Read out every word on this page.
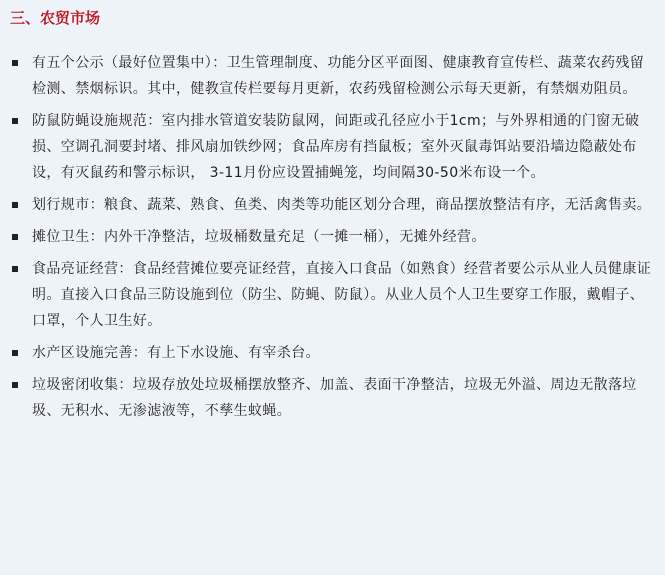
三、农贸市场
有五个公示（最好位置集中）：卫生管理制度、功能分区平面图、健康教育宣传栏、蔬菜农药残留检测、禁烟标识。其中，健教宣传栏要每月更新，农药残留检测公示每天更新，有禁烟劝阻员。
防鼠防蝇设施规范：室内排水管道安装防鼠网，间距或孔径应小于1cm；与外界相通的门窗无破损、空调孔洞要封堵、排风扇加铁纱网；食品库房有挡鼠板；室外灭鼠毒饵站要沿墙边隐蔽处布设，有灭鼠药和警示标识， 3-11月份应设置捕蝇笼，均间隔30-50米布设一个。
划行规市：粮食、蔬菜、熟食、鱼类、肉类等功能区划分合理，商品摆放整洁有序，无活禽售卖。
摊位卫生：内外干净整洁，垃圾桶数量充足（一摊一桶），无摊外经营。
食品亮证经营：食品经营摊位要亮证经营，直接入口食品（如熟食）经营者要公示从业人员健康证明。直接入口食品三防设施到位（防尘、防蝇、防鼠）。从业人员个人卫生要穿工作服，戴帽子、口罩，个人卫生好。
水产区设施完善：有上下水设施、有宰杀台。
垃圾密闭收集：垃圾存放处垃圾桶摆放整齐、加盖、表面干净整洁，垃圾无外溢、周边无散落垃圾、无积水、无渗滤液等，不孳生蚊蝇。
